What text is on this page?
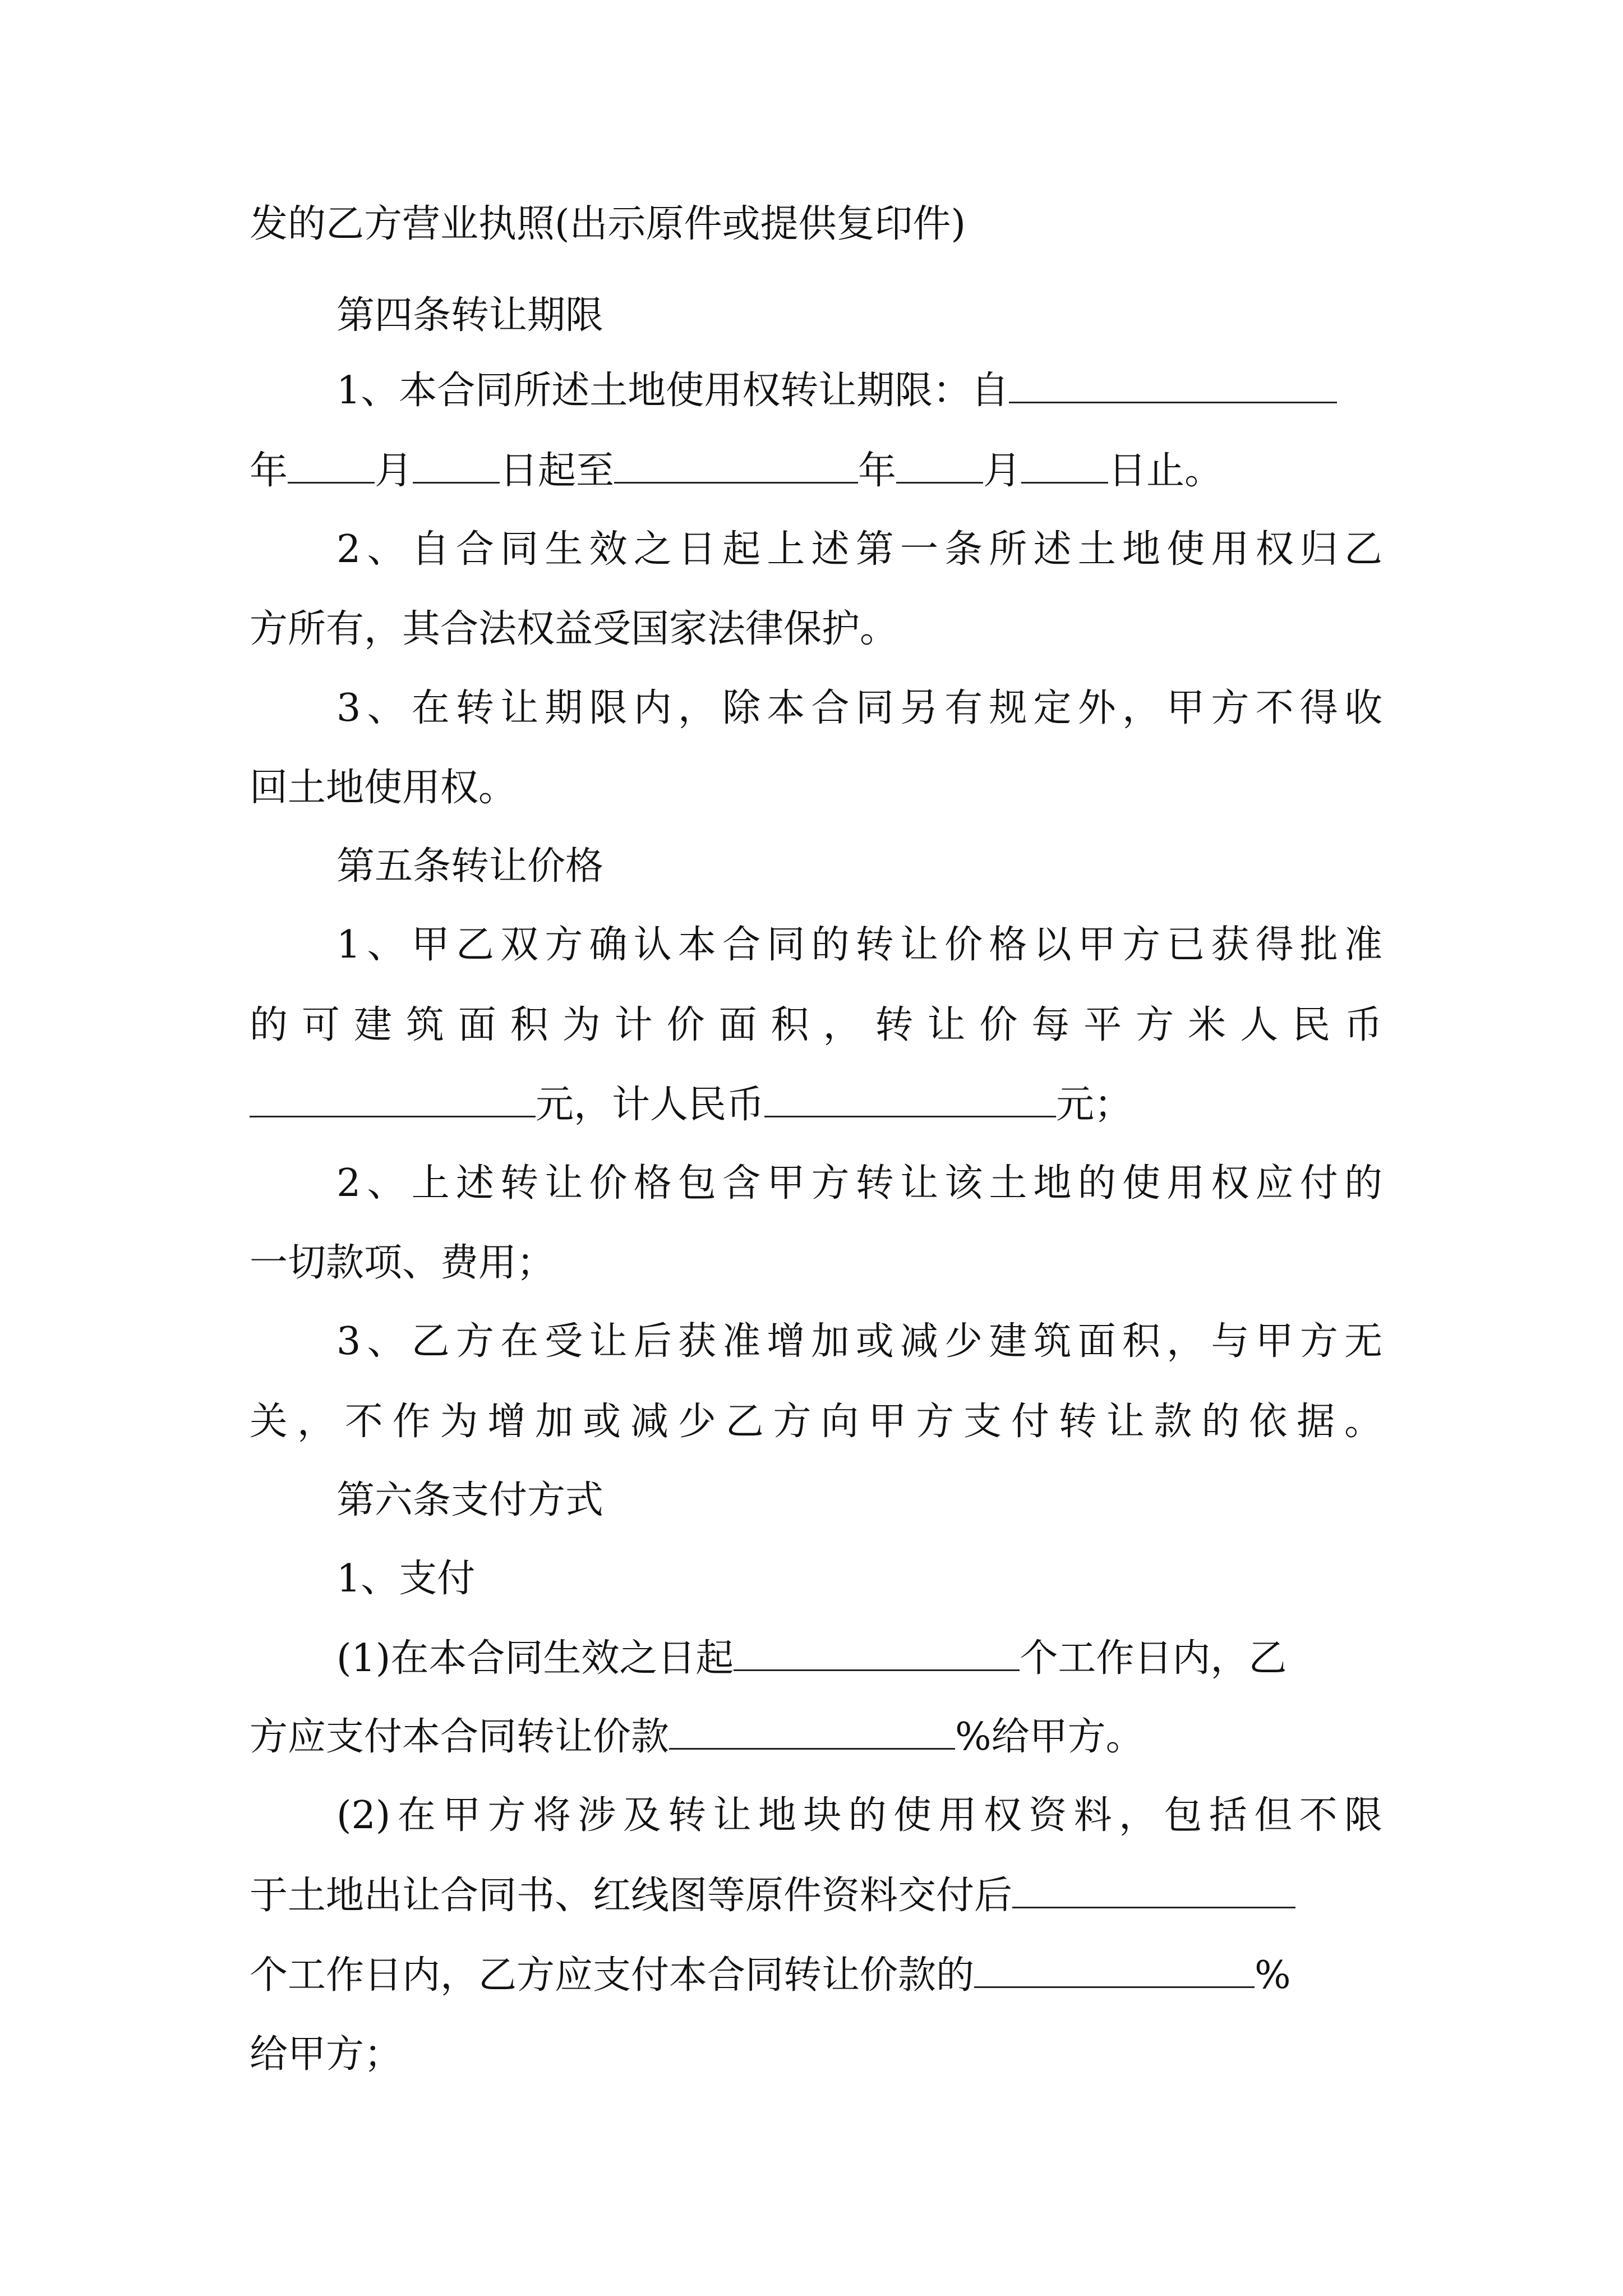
发的乙方营业执照(出示原件或提供复印件)
第四条转让期限
1、本合同所述土地使用权转让期限：自
年 月 日起至	年 月 日止。
2、自合同生效之日起上述第一条所述土地使用权归乙
方所有，其合法权益受国家法律保护。
3、在转让期限内，除本合同另有规定外，甲方不得收
回土地使用权。
第五条转让价格
1、甲乙双方确认本合同的转让价格以甲方已获得批准
的可建筑面积为计价面积，转让价每平方米人民币
元，计人民币	元；
2、上述转让价格包含甲方转让该土地的使用权应付的
一切款项、费用；
3、乙方在受让后获准增加或减少建筑面积，与甲方无
关，不作为增加或减少乙方向甲方支付转让款的依据。
第六条支付方式
1、支付
(1)在本合同生效之日起	个工作日内，乙
方应支付本合同转让价款	%给甲方。
(2)在甲方将涉及转让地块的使用权资料，包括但不限
于土地出让合同书、红线图等原件资料交付后
个工作日内，乙方应支付本合同转让价款的	%
给甲方；
